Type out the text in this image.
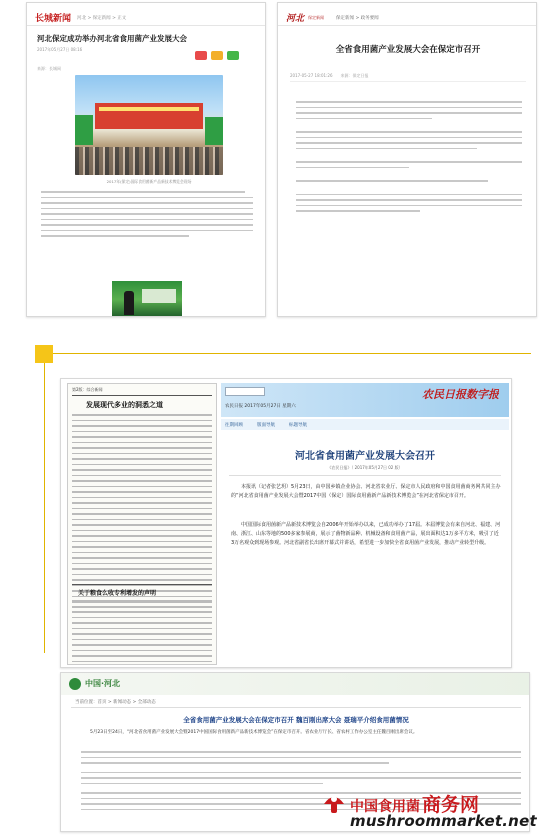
长城新闻 河北 > 保定新闻 > 正文
河北保定成功举办河北省食用菌产业发展大会
2017年05月27日 08:16
来源：长城网
2017年(保定)国际食用菌新产品新技术博览会现场
河北 保定新闻	保定新闻 > 政务要闻
全省食用菌产业发展大会在保定市召开
2017-05-27 18:01:26 来源：保定日报
第2版：综合新闻
发展现代多业的洞悉之道
关于粮食么收专利增发的声明
农民日报数字报
农民日报 2017年05月27日 星期六
往期回顾	版面导航	标题导航
河北省食用菌产业发展大会召开
《农民日报》（ 2017年05月27日 02 版）
本报讯（记者张艺玥）5月23日，由中国乡镇企业协会、河北省农业厅、保定市人民政府和中国食用菌商务网共同主办的“河北省食用菌产业发展大会暨2017中国（保定）国际食用菌新产品新技术博览会”在河北省保定市召开。
中国国际食用菌新产品新技术博览会自2006年开始举办以来，已成功举办了17届。本届博览会有来自河北、福建、河南、浙江、山东等地的500多家参展商，展示了菌物新品种、机械设备和食用菌产品，展出面积达1万多平方米，吸引了近3万名观众到现场参观。河北省副省长出席开幕式并讲话，希望进一步加快全省食用菌产业发展，推动产业转型升级。
中国·河北
当前位置：首页 > 新闻动态 > 全部动态
全省食用菌产业发展大会在保定市召开 魏百刚出席大会 聂瑞平介绍食用菌情况
5月23日至24日，“河北省食用菌产业发展大会暨2017中国国际食用菌新产品新技术博览会”在保定市召开。省农业厅厅长、省农村工作办公室主任魏百刚出席会议。
中国食用菌 商务网
mushroommarket.net
